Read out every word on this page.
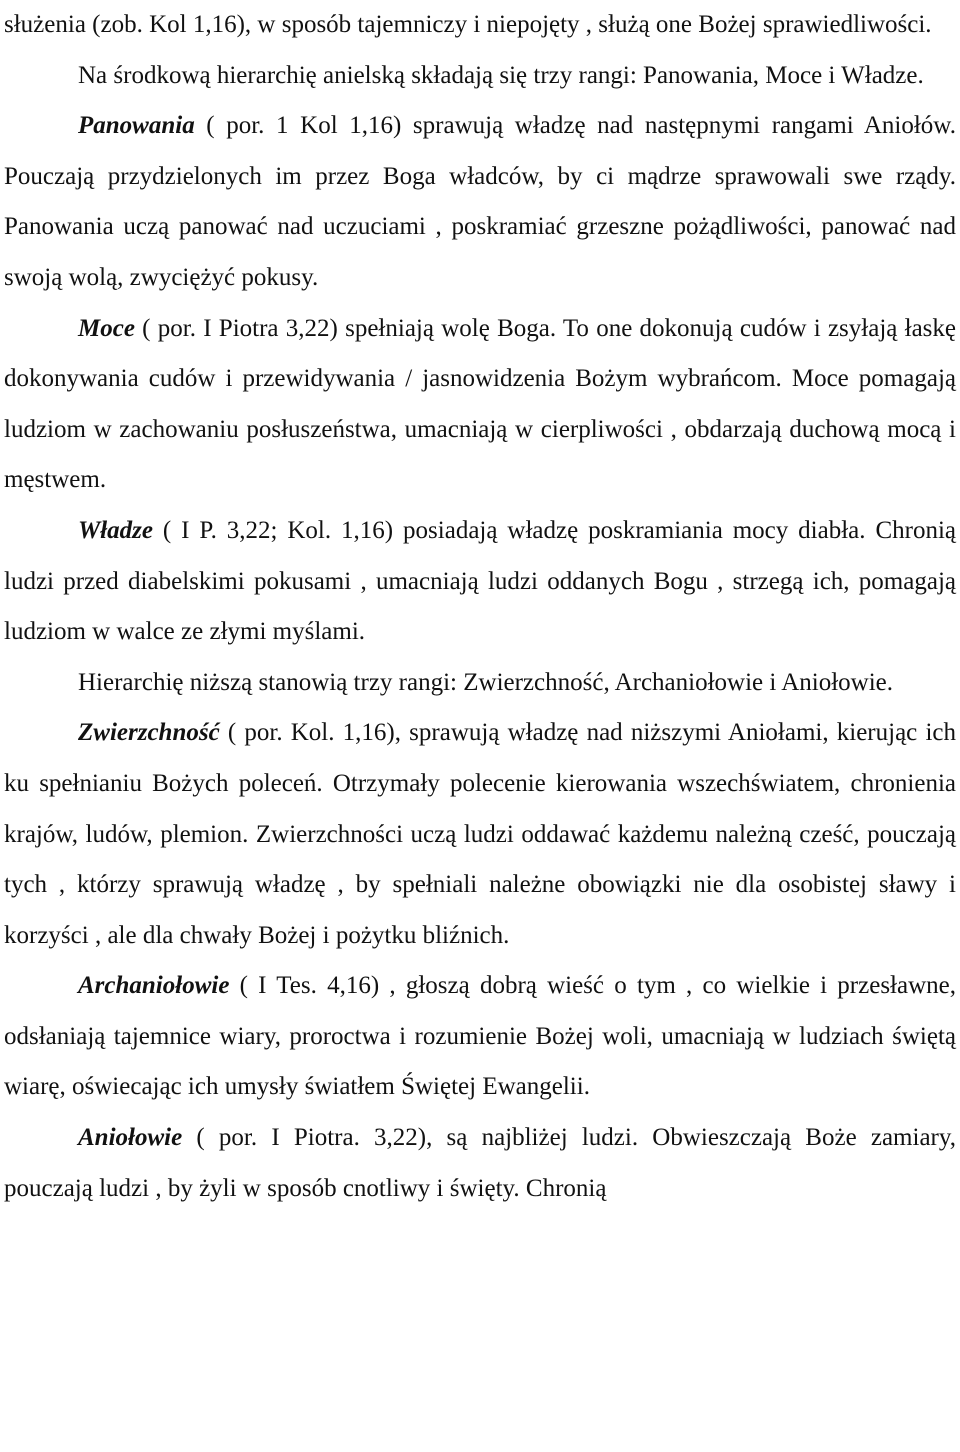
służenia (zob. Kol 1,16), w sposób tajemniczy i niepojęty , służą one Bożej sprawiedliwości.

Na środkową hierarchię anielską składają się trzy rangi: Panowania, Moce i Władze.

Panowania ( por. 1 Kol 1,16) sprawują władzę nad następnymi rangami Aniołów. Pouczają przydzielonych im przez Boga władców, by ci mądrze sprawowali swe rządy. Panowania uczą panować nad uczuciami , poskramiać grzeszne pożądliwości, panować nad swoją wolą, zwyciężyć pokusy.

Moce ( por. I Piotra 3,22) spełniają wolę Boga. To one dokonują cudów i zsyłają łaskę dokonywania cudów i przewidywania / jasnowidzenia Bożym wybrańcom. Moce pomagają ludziom w zachowaniu posłuszeństwa, umacniają w cierpliwości , obdarzają duchową mocą i męstwem.

Władze ( I P. 3,22; Kol. 1,16) posiadają władzę poskramiania mocy diabła. Chronią ludzi przed diabelskimi pokusami , umacniają ludzi oddanych Bogu , strzegą ich, pomagają ludziom w walce ze złymi myślami.

Hierarchię niższą stanowią trzy rangi: Zwierzchność, Archaniołowie i Aniołowie.

Zwierzchność ( por. Kol. 1,16), sprawują władzę nad niższymi Aniołami, kierując ich ku spełnianiu Bożych poleceń. Otrzymały polecenie kierowania wszechświatem, chronienia krajów, ludów, plemion. Zwierzchności uczą ludzi oddawać każdemu należną cześć, pouczają tych , którzy sprawują władzę , by spełniali należne obowiązki nie dla osobistej sławy i korzyści , ale dla chwały Bożej i pożytku bliźnich.

Archaniołowie ( I Tes. 4,16) , głoszą dobrą wieść o tym , co wielkie i przesławne, odsłaniają tajemnice wiary, proroctwa i rozumienie Bożej woli, umacniają w ludziach świętą wiarę, oświecając ich umysły światłem Świętej Ewangelii.

Aniołowie ( por. I Piotra. 3,22), są najbliżej ludzi. Obwieszczają Boże zamiary, pouczają ludzi , by żyli w sposób cnotliwy i święty. Chronią
